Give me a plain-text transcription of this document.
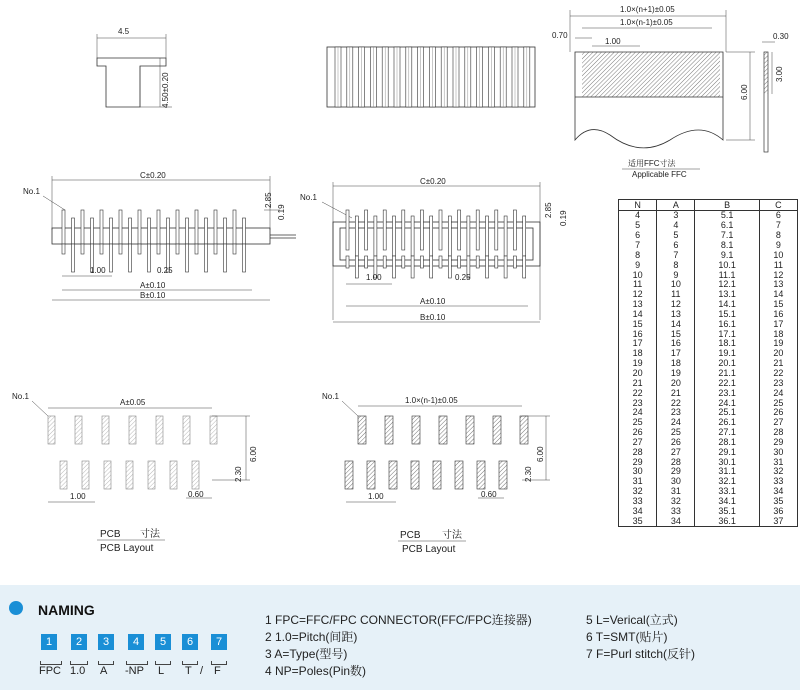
4.5
4.50±0.20
1.0×(n+1)±0.05
1.0×(n-1)±0.05
0.70
1.00
6.00
0.30
3.00
适用FFC寸法
Applicable FFC
No.1
C±0.20
2.85
0.19
1.00	0.25
A±0.10
B±0.10
No.1
C±0.20
2.85
0.19
1.00	0.25
A±0.10
B±0.10
No.1
A±0.05
6.00
2.30
1.00	0.60
PCB 寸法
PCB Layout
No.1	1.0×(n-1)±0.05
6.00
2.30
1.00	0.60
PCB 寸法
PCB Layout
N	A	B	C
4	3	5.1	6
5	4	6.1	7
6	5	7.1	8
7	6	8.1	9
8	7	9.1	10
9	8	10.1	11
10	9	11.1	12
11	10	12.1	13
12	11	13.1	14
13	12	14.1	15
14	13	15.1	16
15	14	16.1	17
16	15	17.1	18
17	16	18.1	19
18	17	19.1	20
19	18	20.1	21
20	19	21.1	22
21	20	22.1	23
22	21	23.1	24
23	22	24.1	25
24	23	25.1	26
25	24	26.1	27
26	25	27.1	28
27	26	28.1	29
28	27	29.1	30
29	28	30.1	31
30	29	31.1	32
31	30	32.1	33
32	31	33.1	34
33	32	34.1	35
34	33	35.1	36
35	34	36.1	37
NAMING
1	2	3	4	5	6	7
FPC 1.0 A -NP L T / F
1 FPC=FFC/FPC CONNECTOR(FFC/FPC连接器)
2 1.0=Pitch(间距)
3 A=Type(型号)
4 NP=Poles(Pin数)
5 L=Verical(立式)
6 T=SMT(贴片)
7 F=Purl stitch(反针)
